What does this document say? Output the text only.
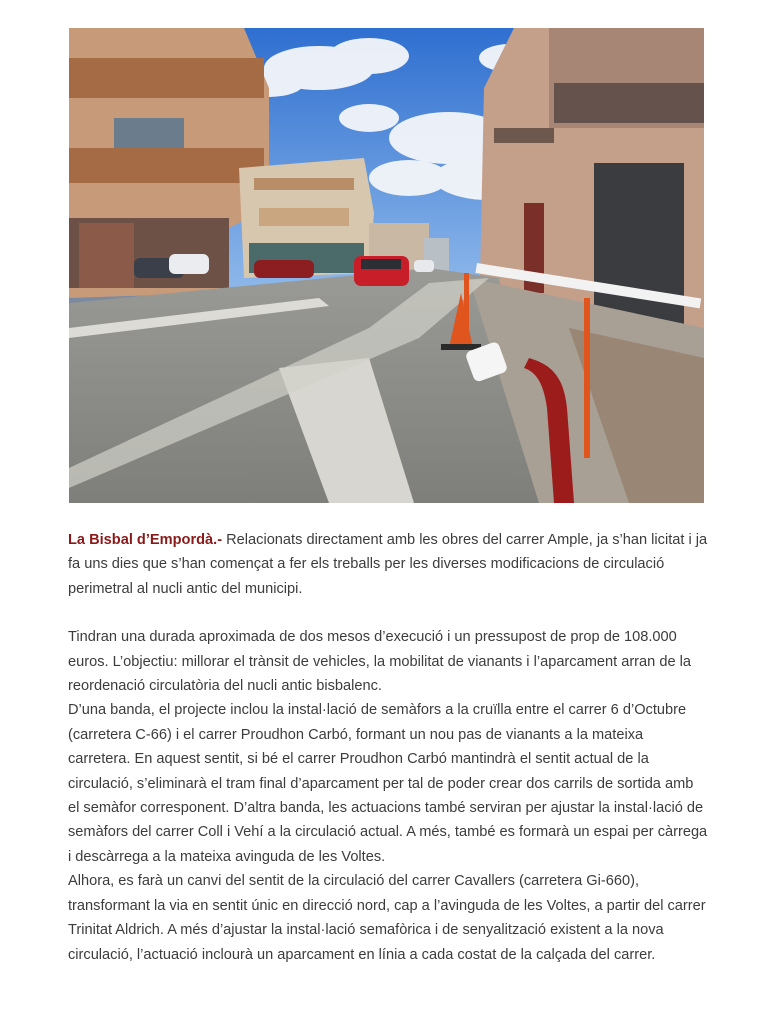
La Bisbal d’Empordà.- Relacionats directament amb les obres del carrer Ample, ja s’han licitat i ja fa uns dies que s’han començat a fer els treballs per les diverses modificacions de circulació perimetral al nucli antic del municipi.

Tindran una durada aproximada de dos mesos d’execució i un pressupost de prop de 108.000 euros. L’objectiu: millorar el trànsit de vehicles, la mobilitat de vianants i l’aparcament arran de la reordenació circulatòria del nucli antic bisbalenc.

D’una banda, el projecte inclou la instal·lació de semàfors a la cruïlla entre el carrer 6 d’Octubre (carretera C-66) i el carrer Proudhon Carbó, formant un nou pas de vianants a la mateixa carretera. En aquest sentit, si bé el carrer Proudhon Carbó mantindrà el sentit actual de la circulació, s’eliminarà el tram final d’aparcament per tal de poder crear dos carrils de sortida amb el semàfor corresponent. D’altra banda, les actuacions també serviran per ajustar la instal·lació de semàfors del carrer Coll i Vehí a la circulació actual. A més, també es formarà un espai per càrrega i descàrrega a la mateixa avinguda de les Voltes.

Alhora, es farà un canvi del sentit de la circulació del carrer Cavallers (carretera Gi-660), transformant la via en sentit únic en direcció nord, cap a l’avinguda de les Voltes, a partir del carrer Trinitat Aldrich. A més d’ajustar la instal·lació semafòrica i de senyalització existent a la nova circulació, l’actuació inclourà un aparcament en línia a cada costat de la calçada del carrer.
